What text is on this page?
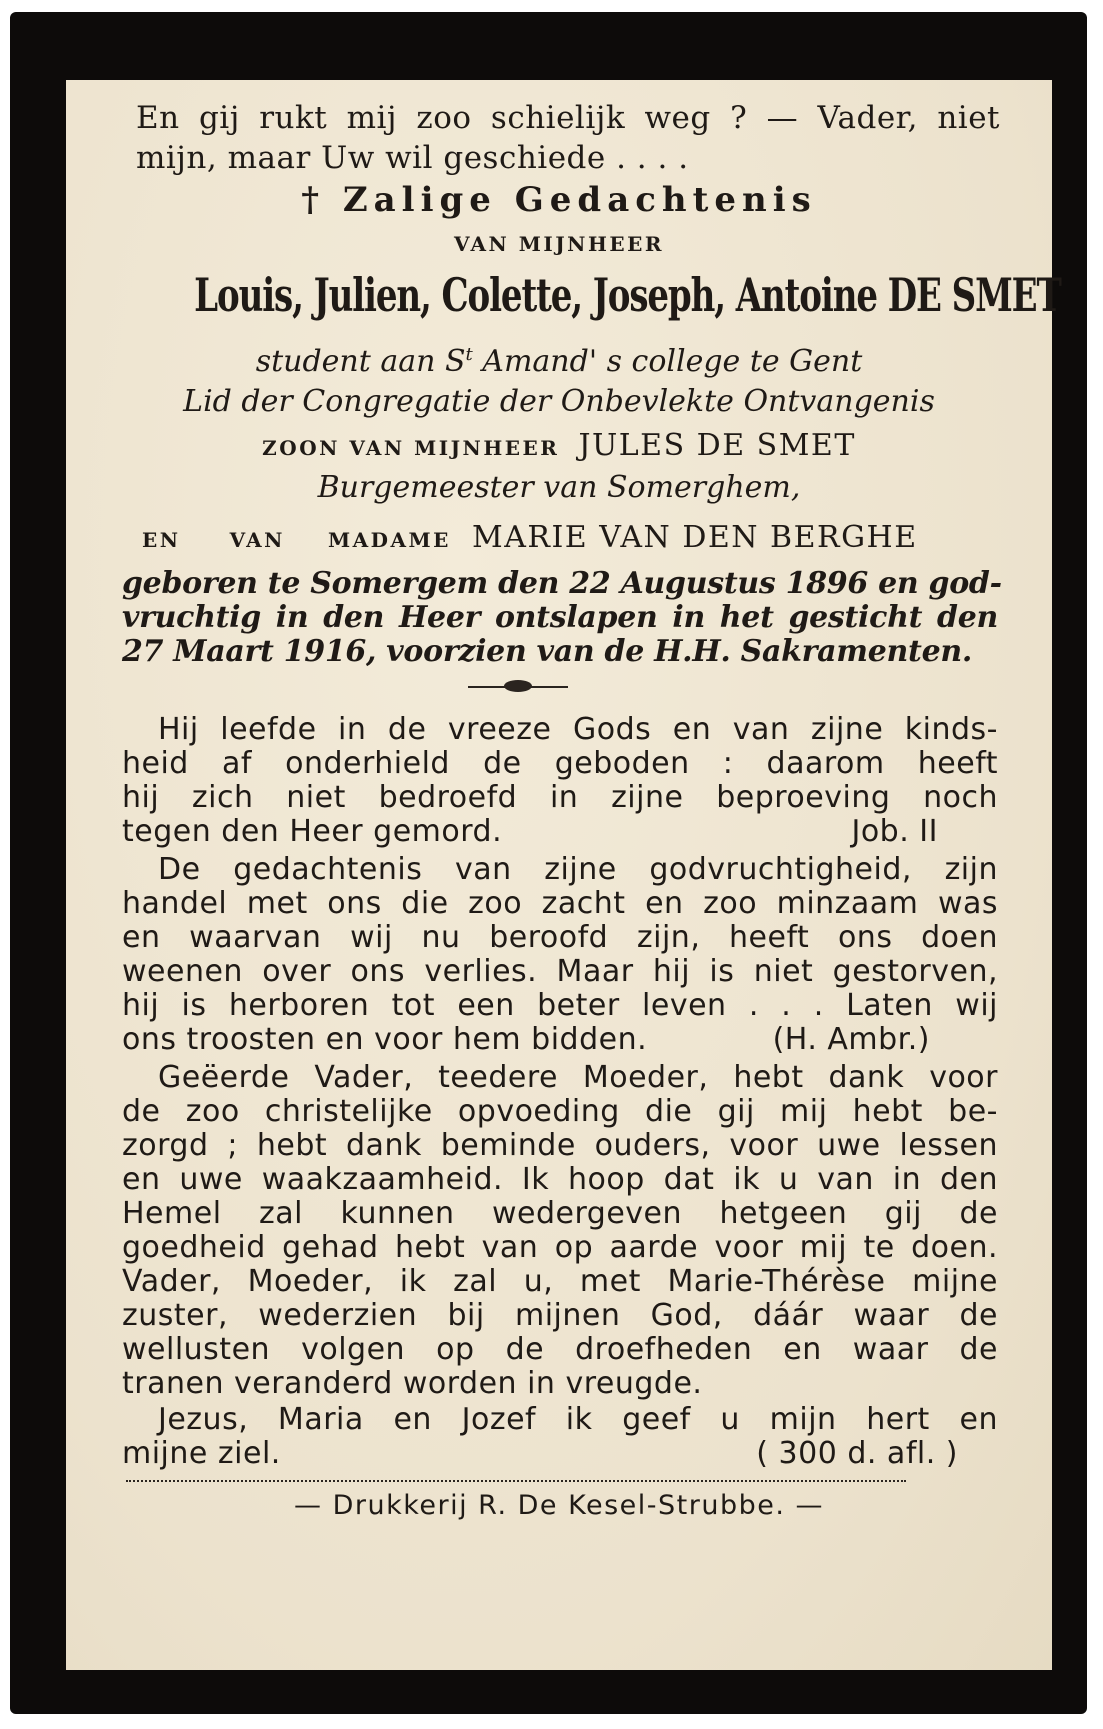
En gij rukt mij zoo schielijk weg ? — Vader, niet
mijn, maar Uw wil geschiede . . . .
† Zalige Gedachtenis
VAN MIJNHEER
Louis, Julien, Colette, Joseph, Antoine DE SMET
student aan $S^t$ Amand' s college te Gent
Lid der Congregatie der Onbevlekte Ontvangenis
ZOON VAN MIJNHEER JULES DE SMET
Burgemeester van Somerghem,
EN VAN MADAME MARIE VAN DEN BERGHE
geboren te Somergem den 22 Augustus 1896 en god-
vruchtig in den Heer ontslapen in het gesticht den
27 Maart 1916, voorzien van de H.H. Sakramenten.
Hij leefde in de vreeze Gods en van zijne kinds-
heid af onderhield de geboden : daarom heeft
hij zich niet bedroefd in zijne beproeving noch
tegen den Heer gemord.	Job. II
De gedachtenis van zijne godvruchtigheid, zijn
handel met ons die zoo zacht en zoo minzaam was
en waarvan wij nu beroofd zijn, heeft ons doen
weenen over ons verlies. Maar hij is niet gestorven,
hij is herboren tot een beter leven . . . Laten wij
ons troosten en voor hem bidden.	(H. Ambr.)
Geëerde Vader, teedere Moeder, hebt dank voor
de zoo christelijke opvoeding die gij mij hebt be-
zorgd ; hebt dank beminde ouders, voor uwe lessen
en uwe waakzaamheid. Ik hoop dat ik u van in den
Hemel zal kunnen wedergeven hetgeen gij de
goedheid gehad hebt van op aarde voor mij te doen.
Vader, Moeder, ik zal u, met Marie-Thérèse mijne
zuster, wederzien bij mijnen God, dáár waar de
wellusten volgen op de droefheden en waar de
tranen veranderd worden in vreugde.
Jezus, Maria en Jozef ik geef u mijn hert en
mijne ziel.	( 300 d. afl. )
— Drukkerij R. De Kesel-Strubbe. —
